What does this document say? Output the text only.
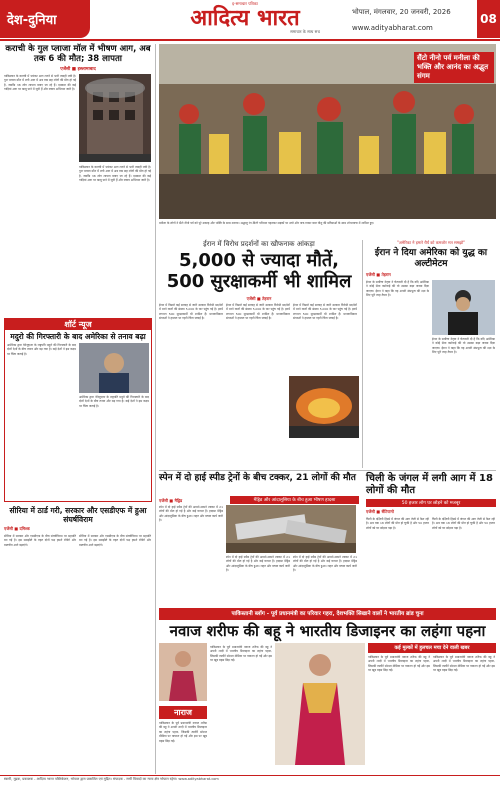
देश-दुनिया
इ-समाचार पत्रिका
आदित्य भारत
समाचार के साथ सच
भोपाल, मंगलवार, 20 जनवरी, 2026
www.adityabharat.com
08
कराची के गुल प्लाजा मॉल में भीषण आग, अब तक 6 की मौत; 38 लापता
एजेंसी ■ इस्लामाबाद
पाकिस्तान के कराची में भयंकर आग लगने से भारी तबाही मची है। गुल प्लाजा मॉल में लगी आग में अब तक छह लोगों की मौत हो गई है, जबकि 38 लोग लापता बताए जा रहे हैं। दमकल की कई गाड़ियां आग पर काबू पाने में जुटी हैं और बचाव अभियान जारी है।
पाकिस्तान के कराची में भयंकर आग लगने से भारी तबाही मची है। गुल प्लाजा मॉल में लगी आग में अब तक छह लोगों की मौत हो गई है, जबकि 38 लोग लापता बताए जा रहे हैं। दमकल की कई गाड़ियां आग पर काबू पाने में जुटी हैं और बचाव अभियान जारी है।
शॉर्ट न्यूज
मदुरो की गिरफ्तारी के बाद अमेरिका से तनाव बढ़ा
अमेरिका द्वारा वेनेजुएला के राष्ट्रपति मदुरो की गिरफ्तारी के बाद दोनों देशों के बीच तनाव और बढ़ गया है। कई देशों ने इस कदम पर चिंता जताई है।
अमेरिका द्वारा वेनेजुएला के राष्ट्रपति मदुरो की गिरफ्तारी के बाद दोनों देशों के बीच तनाव और बढ़ गया है। कई देशों ने इस कदम पर चिंता जताई है।
सीरिया में ठार्ड गरी, सरकार और एसडीएफ में हुआ संघर्षविराम
एजेंसी ■ दमिश्क
सीरिया में सरकार और एसडीएफ के बीच संघर्षविराम पर सहमति बन गई है। इस समझौते के तहत दोनों पक्ष हमले रोकेंगे और बातचीत आगे बढ़ाएंगे।
सीरिया में सरकार और एसडीएफ के बीच संघर्षविराम पर सहमति बन गई है। इस समझौते के तहत दोनों पक्ष हमले रोकेंगे और बातचीत आगे बढ़ाएंगे।
सैंटो नीनो पर्व मनीला की भक्ति और आनंद का अद्भुत संगम
मनीला के लोगों ने सैंटो नीनो पर्व को पूरे उत्साह और भक्ति के साथ मनाया। श्रद्धालु रंग-बिरंगे परिधान पहनकर सड़कों पर उतरे और नाच-गाकर बाल यीशु की प्रतिमाओं के साथ शोभायात्रा में शामिल हुए।
ईरान में विरोध प्रदर्शनों का खौफनाक आंकड़ा
5,000 से ज्यादा मौतें, 500 सुरक्षाकर्मी भी शामिल
एजेंसी ■ तेहरान
ईरान में पिछले कई सप्ताह से जारी सरकार विरोधी प्रदर्शनों में मरने वालों की संख्या 5,000 के पार पहुंच गई है। इनमें लगभग 500 सुरक्षाकर्मी भी शामिल हैं। मानवाधिकार संगठनों ने हालात पर गहरी चिंता जताई है।
ईरान में पिछले कई सप्ताह से जारी सरकार विरोधी प्रदर्शनों में मरने वालों की संख्या 5,000 के पार पहुंच गई है। इनमें लगभग 500 सुरक्षाकर्मी भी शामिल हैं। मानवाधिकार संगठनों ने हालात पर गहरी चिंता जताई है।
ईरान में पिछले कई सप्ताह से जारी सरकार विरोधी प्रदर्शनों में मरने वालों की संख्या 5,000 के पार पहुंच गई है। इनमें लगभग 500 सुरक्षाकर्मी भी शामिल हैं। मानवाधिकार संगठनों ने हालात पर गहरी चिंता जताई है।
"अमेरिका ने हमारे धैर्य को कमजोर मत समझो"
ईरान ने दिया अमेरिका को युद्ध का अल्टीमेटम
एजेंसी ■ तेहरान
ईरान के सर्वोच्च नेतृत्व ने चेतावनी दी है कि यदि अमेरिका ने कोई सैन्य कार्रवाई की तो उसका कड़ा जवाब दिया जाएगा। ईरान ने कहा कि वह अपनी संप्रभुता की रक्षा के लिए पूरी तरह तैयार है।
ईरान के सर्वोच्च नेतृत्व ने चेतावनी दी है कि यदि अमेरिका ने कोई सैन्य कार्रवाई की तो उसका कड़ा जवाब दिया जाएगा। ईरान ने कहा कि वह अपनी संप्रभुता की रक्षा के लिए पूरी तरह तैयार है।
स्पेन में दो हाई स्पीड ट्रेनों के बीच टक्कर, 21 लोगों की मौत
एजेंसी ■ मैड्रिड	मैड्रिड और आंदालूसिया के बीच हुआ भीषण हादसा
स्पेन में दो हाई स्पीड ट्रेनों की आमने-सामने टक्कर में 21 लोगों की मौत हो गई है और कई घायल हैं। हादसा मैड्रिड और आंदालूसिया के बीच हुआ। राहत और बचाव कार्य जारी है।
स्पेन में दो हाई स्पीड ट्रेनों की आमने-सामने टक्कर में 21 लोगों की मौत हो गई है और कई घायल हैं। हादसा मैड्रिड और आंदालूसिया के बीच हुआ। राहत और बचाव कार्य जारी है।
स्पेन में दो हाई स्पीड ट्रेनों की आमने-सामने टक्कर में 21 लोगों की मौत हो गई है और कई घायल हैं। हादसा मैड्रिड और आंदालूसिया के बीच हुआ। राहत और बचाव कार्य जारी है।
चिली के जंगल में लगी आग में 18 लोगों की मौत
50 हजार लोग घर छोड़ने को मजबूर
एजेंसी ■ सैंटियागो
चिली के दक्षिणी हिस्से में जंगल की आग तेजी से फैल रही है। अब तक 18 लोगों की मौत हो चुकी है और 50 हजार लोगों को घर छोड़ना पड़ा है।
चिली के दक्षिणी हिस्से में जंगल की आग तेजी से फैल रही है। अब तक 18 लोगों की मौत हो चुकी है और 50 हजार लोगों को घर छोड़ना पड़ा है।
पाकिस्तानी ब्लॉग - पूर्व प्रधानमंत्री का परिवार गहरा, देशभक्ति सिखाने वालों ने भारतीय ब्रांड चुना
नवाज शरीफ की बहू ने भारतीय डिजाइनर का लहंगा पहना
पाकिस्तान के पूर्व प्रधानमंत्री नवाज शरीफ की बहू ने अपनी शादी में भारतीय डिजाइनर का लहंगा पहना, जिसकी तस्वीरें सोशल मीडिया पर वायरल हो गईं और इस पर खूब बहस छिड़ गई।
नाराज
पाकिस्तान के पूर्व प्रधानमंत्री नवाज शरीफ की बहू ने अपनी शादी में भारतीय डिजाइनर का लहंगा पहना, जिसकी तस्वीरें सोशल मीडिया पर वायरल हो गईं और इस पर खूब बहस छिड़ गई।
कई मुल्कों में हुलचल मचा देने वाली खबर
पाकिस्तान के पूर्व प्रधानमंत्री नवाज शरीफ की बहू ने अपनी शादी में भारतीय डिजाइनर का लहंगा पहना, जिसकी तस्वीरें सोशल मीडिया पर वायरल हो गईं और इस पर खूब बहस छिड़ गई।
पाकिस्तान के पूर्व प्रधानमंत्री नवाज शरीफ की बहू ने अपनी शादी में भारतीय डिजाइनर का लहंगा पहना, जिसकी तस्वीरें सोशल मीडिया पर वायरल हो गईं और इस पर खूब बहस छिड़ गई।
स्वामी, मुद्रक, प्रकाशक - आदित्य भारत पब्लिकेशन, भोपाल द्वारा प्रकाशित एवं मुद्रित। संपादक - सभी विवादों का न्याय क्षेत्र भोपाल रहेगा। www.adityabharat.com
